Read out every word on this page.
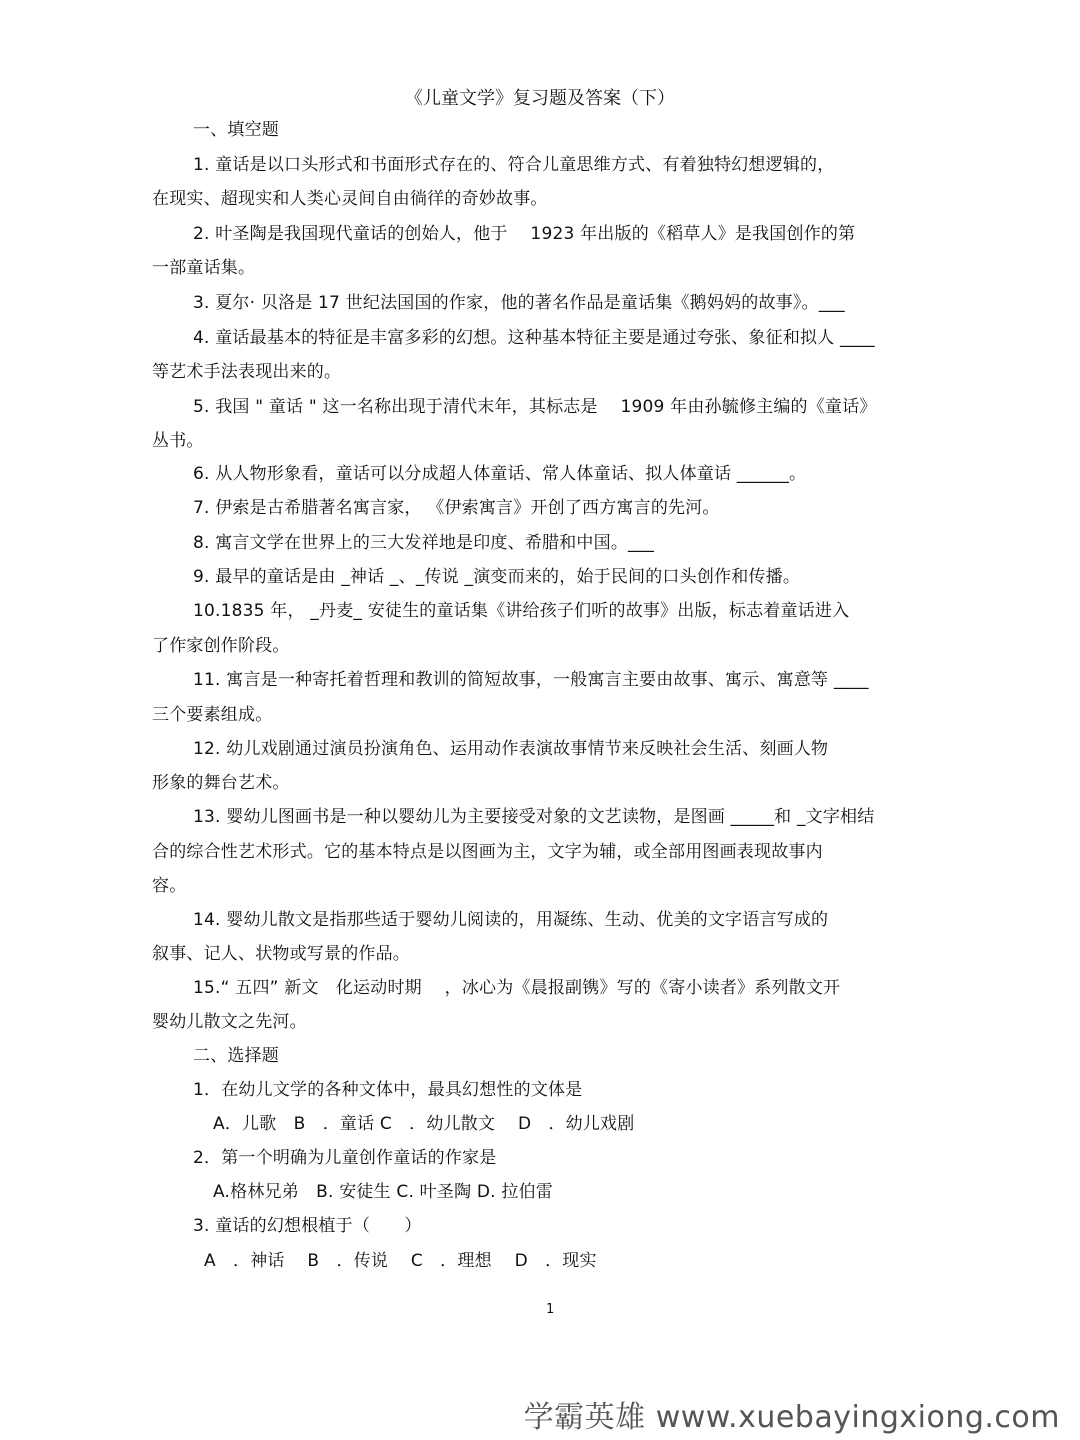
《儿童文学》复习题及答案（下）
一、填空题
1. 童话是以口头形式和书面形式存在的、符合儿童思维方式、有着独特幻想逻辑的，
在现实、超现实和人类心灵间自由徜徉的奇妙故事。
2. 叶圣陶是我国现代童话的创始人，他于　 1923 年出版的《稻草人》是我国创作的第
一部童话集。
3. 夏尔· 贝洛是 17 世纪法国国的作家，他的著名作品是童话集《鹅妈妈的故事》。___
4. 童话最基本的特征是丰富多彩的幻想。这种基本特征主要是通过夸张、象征和拟人 ____
等艺术手法表现出来的。
5. 我国 " 童话 " 这一名称出现于清代末年，其标志是　 1909 年由孙毓修主编的《童话》
丛书。
6. 从人物形象看，童话可以分成超人体童话、常人体童话、拟人体童话 ______。
7. 伊索是古希腊著名寓言家， 《伊索寓言》开创了西方寓言的先河。
8. 寓言文学在世界上的三大发祥地是印度、希腊和中国。___
9. 最早的童话是由 _神话 _、_传说 _演变而来的，始于民间的口头创作和传播。
10.1835 年， _丹麦_ 安徒生的童话集《讲给孩子们听的故事》出版，标志着童话进入
了作家创作阶段。
11. 寓言是一种寄托着哲理和教训的简短故事，一般寓言主要由故事、寓示、寓意等 ____
三个要素组成。
12. 幼儿戏剧通过演员扮演角色、运用动作表演故事情节来反映社会生活、刻画人物
形象的舞台艺术。
13. 婴幼儿图画书是一种以婴幼儿为主要接受对象的文艺读物，是图画 _____和 _文字相结
合的综合性艺术形式。它的基本特点是以图画为主，文字为辅，或全部用图画表现故事内
容。
14. 婴幼儿散文是指那些适于婴幼儿阅读的，用凝练、生动、优美的文字语言写成的
叙事、记人、状物或写景的作品。
15.“ 五四” 新文　化运动时期　 ，冰心为《晨报副镌》写的《寄小读者》系列散文开
婴幼儿散文之先河。
二、选择题
1．在幼儿文学的各种文体中，最具幻想性的文体是
A．儿歌　B　．童话 C　．幼儿散文　 D　．幼儿戏剧
2．第一个明确为儿童创作童话的作家是
A.格林兄弟　B. 安徒生 C. 叶圣陶 D. 拉伯雷
3. 童话的幻想根植于（　　）
A　．神话　 B　．传说　 C　．理想　 D　．现实
1
学霸英雄 www.xuebayingxiong.com
